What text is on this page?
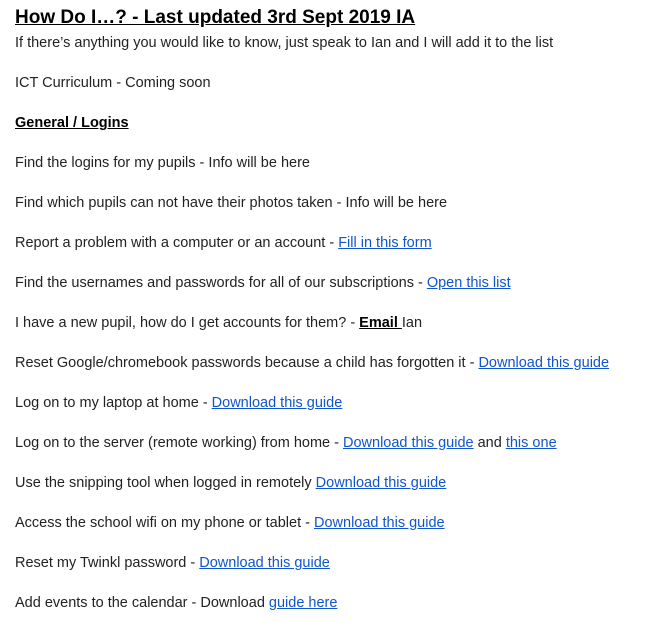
How Do I…? - Last updated 3rd Sept 2019 IA
If there’s anything you would like to know, just speak to Ian and I will add it to the list
ICT Curriculum - Coming soon
General / Logins
Find the logins for my pupils - Info will be here
Find which pupils can not have their photos taken - Info will be here
Report a problem with a computer or an account - Fill in this form
Find the usernames and passwords for all of our subscriptions - Open this list
I have a new pupil, how do I get accounts for them? - Email Ian
Reset Google/chromebook passwords because a child has forgotten it - Download this guide
Log on to my laptop at home - Download this guide
Log on to the server (remote working) from home - Download this guide and this one
Use the snipping tool when logged in remotely Download this guide
Access the school wifi on my phone or tablet - Download this guide
Reset my Twinkl password - Download this guide
Add events to the calendar - Download guide here
